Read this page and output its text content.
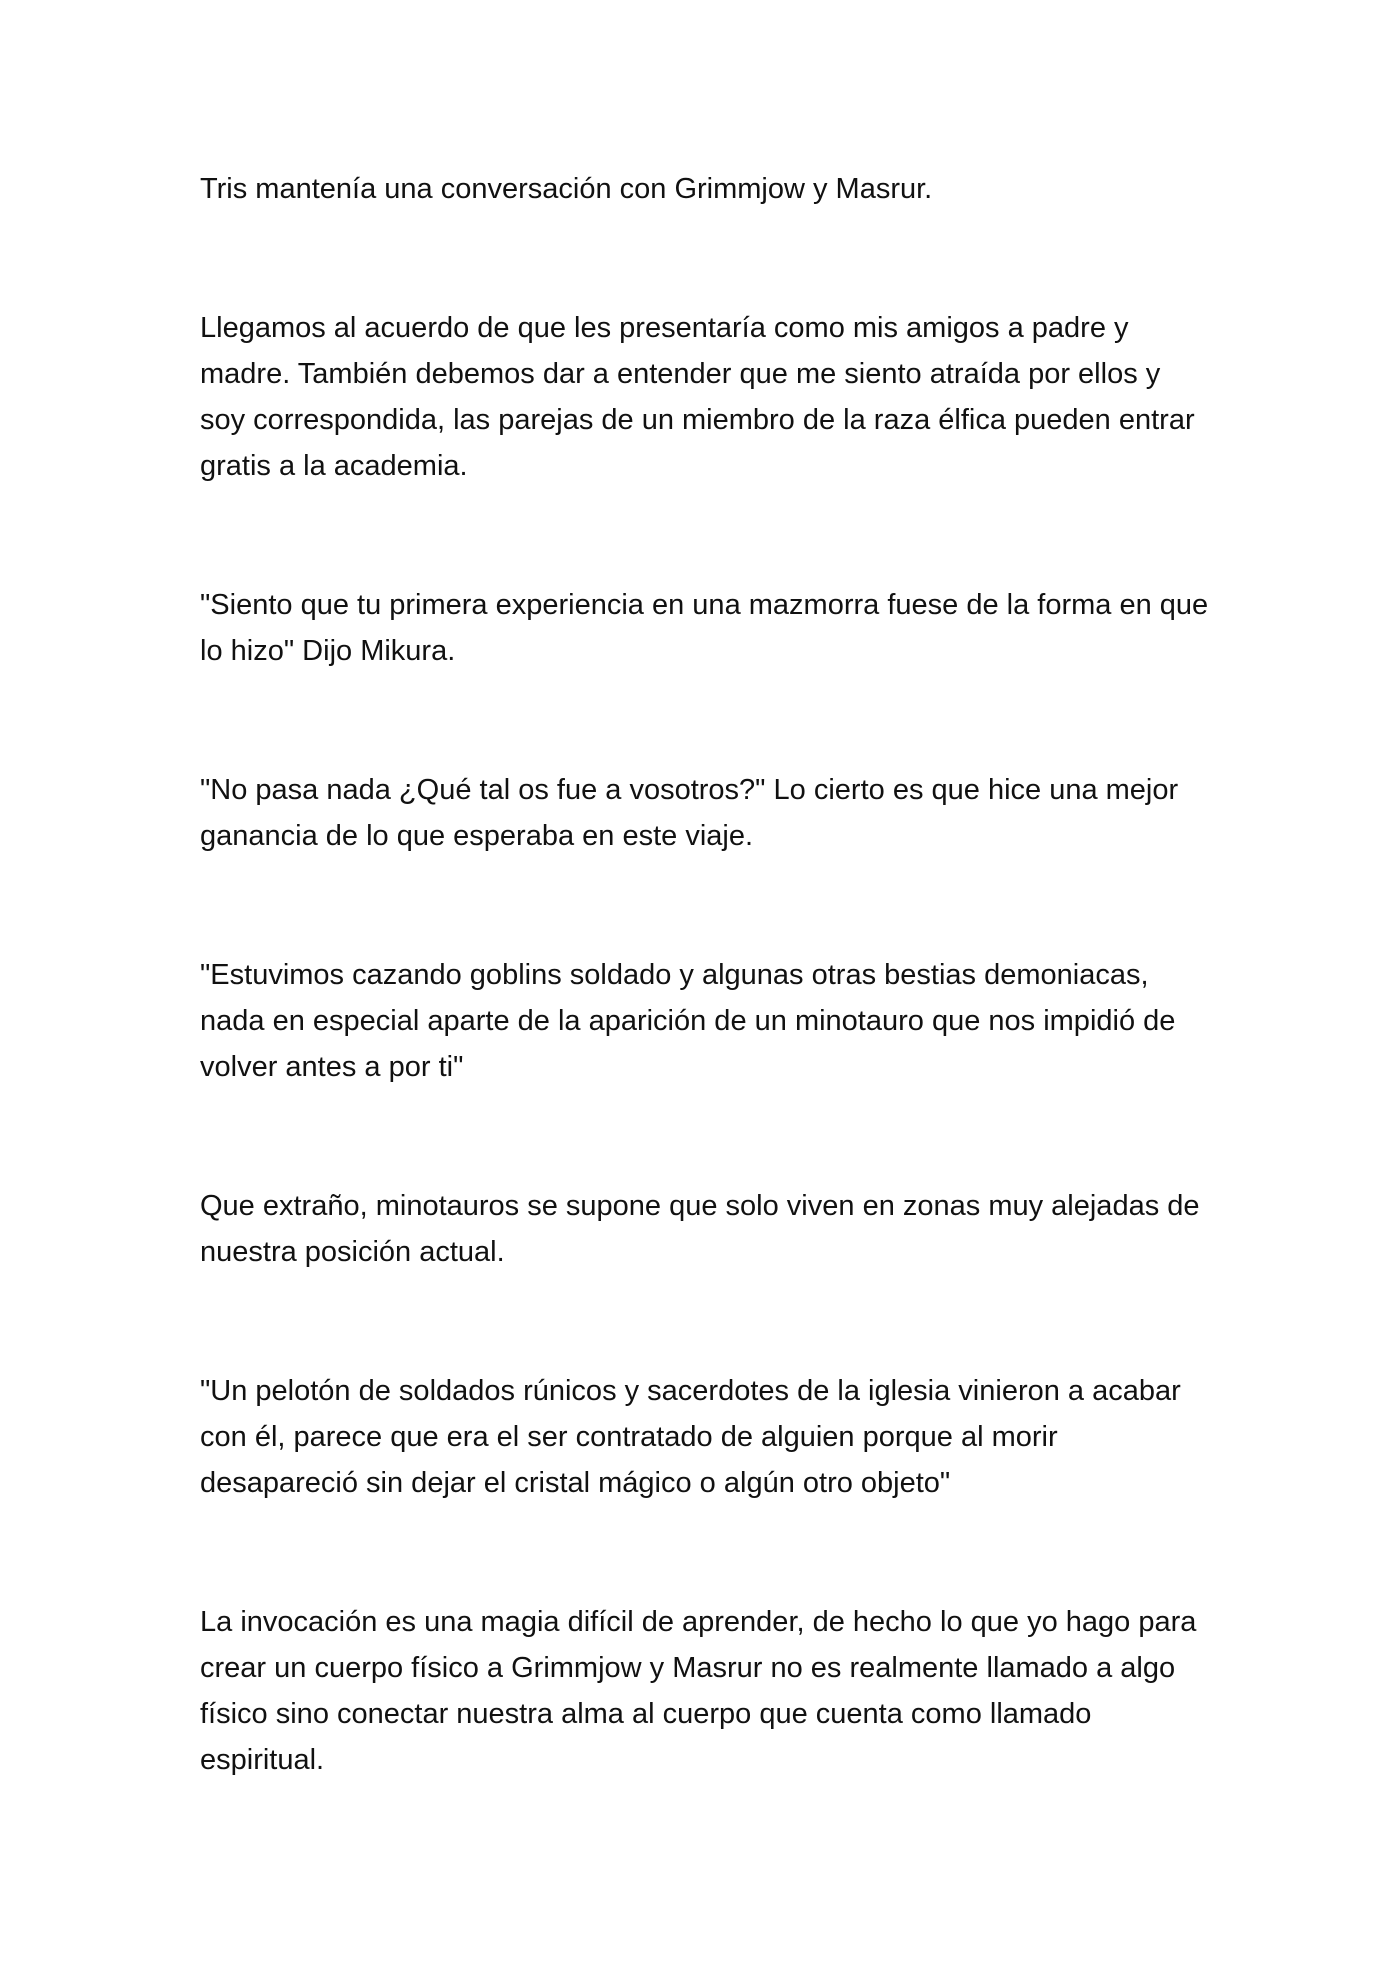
Tris mantenía una conversación con Grimmjow y Masrur.

Llegamos al acuerdo de que les presentaría como mis amigos a padre y madre. También debemos dar a entender que me siento atraída por ellos y soy correspondida, las parejas de un miembro de la raza élfica pueden entrar gratis a la academia.

"Siento que tu primera experiencia en una mazmorra fuese de la forma en que lo hizo" Dijo Mikura.

"No pasa nada ¿Qué tal os fue a vosotros?" Lo cierto es que hice una mejor ganancia de lo que esperaba en este viaje.

"Estuvimos cazando goblins soldado y algunas otras bestias demoniacas, nada en especial aparte de la aparición de un minotauro que nos impidió de volver antes a por ti"

Que extraño, minotauros se supone que solo viven en zonas muy alejadas de nuestra posición actual.

"Un pelotón de soldados rúnicos y sacerdotes de la iglesia vinieron a acabar con él, parece que era el ser contratado de alguien porque al morir desapareció sin dejar el cristal mágico o algún otro objeto"

La invocación es una magia difícil de aprender, de hecho lo que yo hago para crear un cuerpo físico a Grimmjow y Masrur no es realmente llamado a algo físico sino conectar nuestra alma al cuerpo que cuenta como llamado espiritual.
